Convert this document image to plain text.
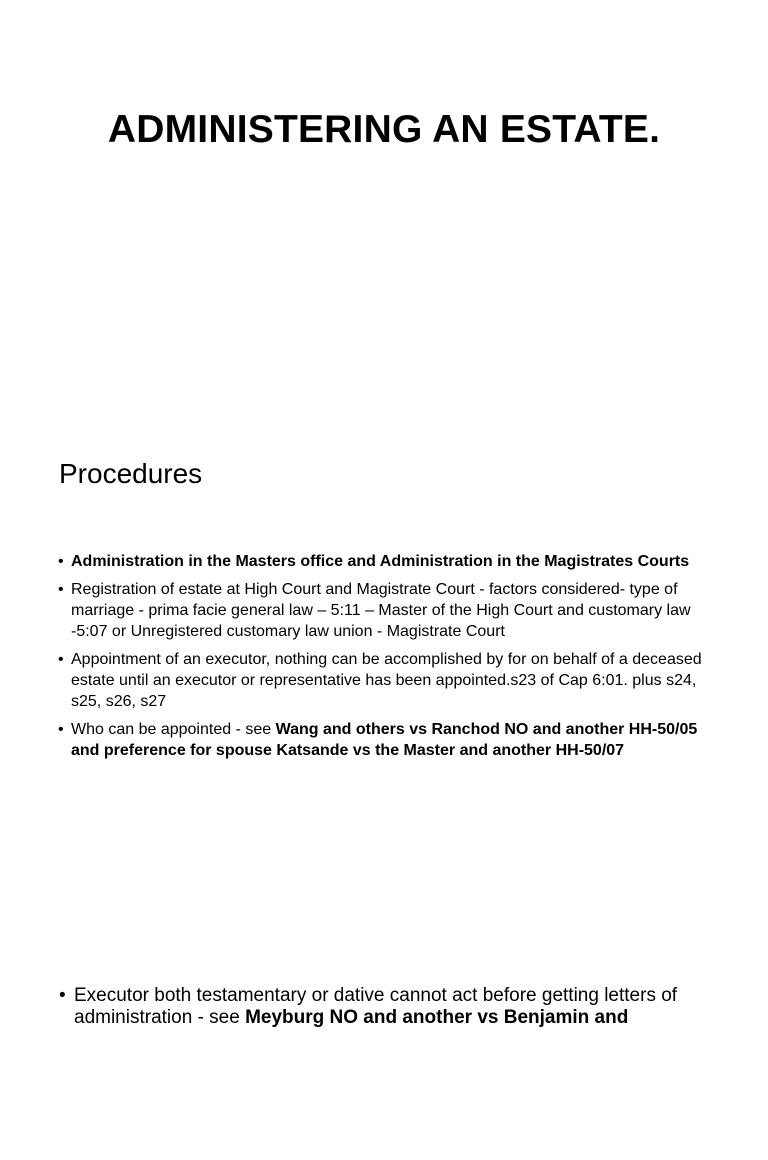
ADMINISTERING AN ESTATE.
Procedures
• Administration in the Masters office and Administration in the Magistrates Courts
• Registration of estate at High Court and Magistrate Court - factors considered- type of marriage - prima facie general law – 5:11 – Master of the High Court and customary law -5:07 or Unregistered customary law union - Magistrate Court
• Appointment of an executor, nothing can be accomplished by for on behalf of a deceased estate until an executor or representative has been appointed.s23 of Cap 6:01. plus s24, s25, s26, s27
• Who can be appointed - see Wang and others vs Ranchod NO and another HH-50/05 and preference for spouse Katsande vs the Master and another HH-50/07
• Executor both testamentary or dative cannot act before getting letters of administration - see Meyburg NO and another vs Benjamin and
